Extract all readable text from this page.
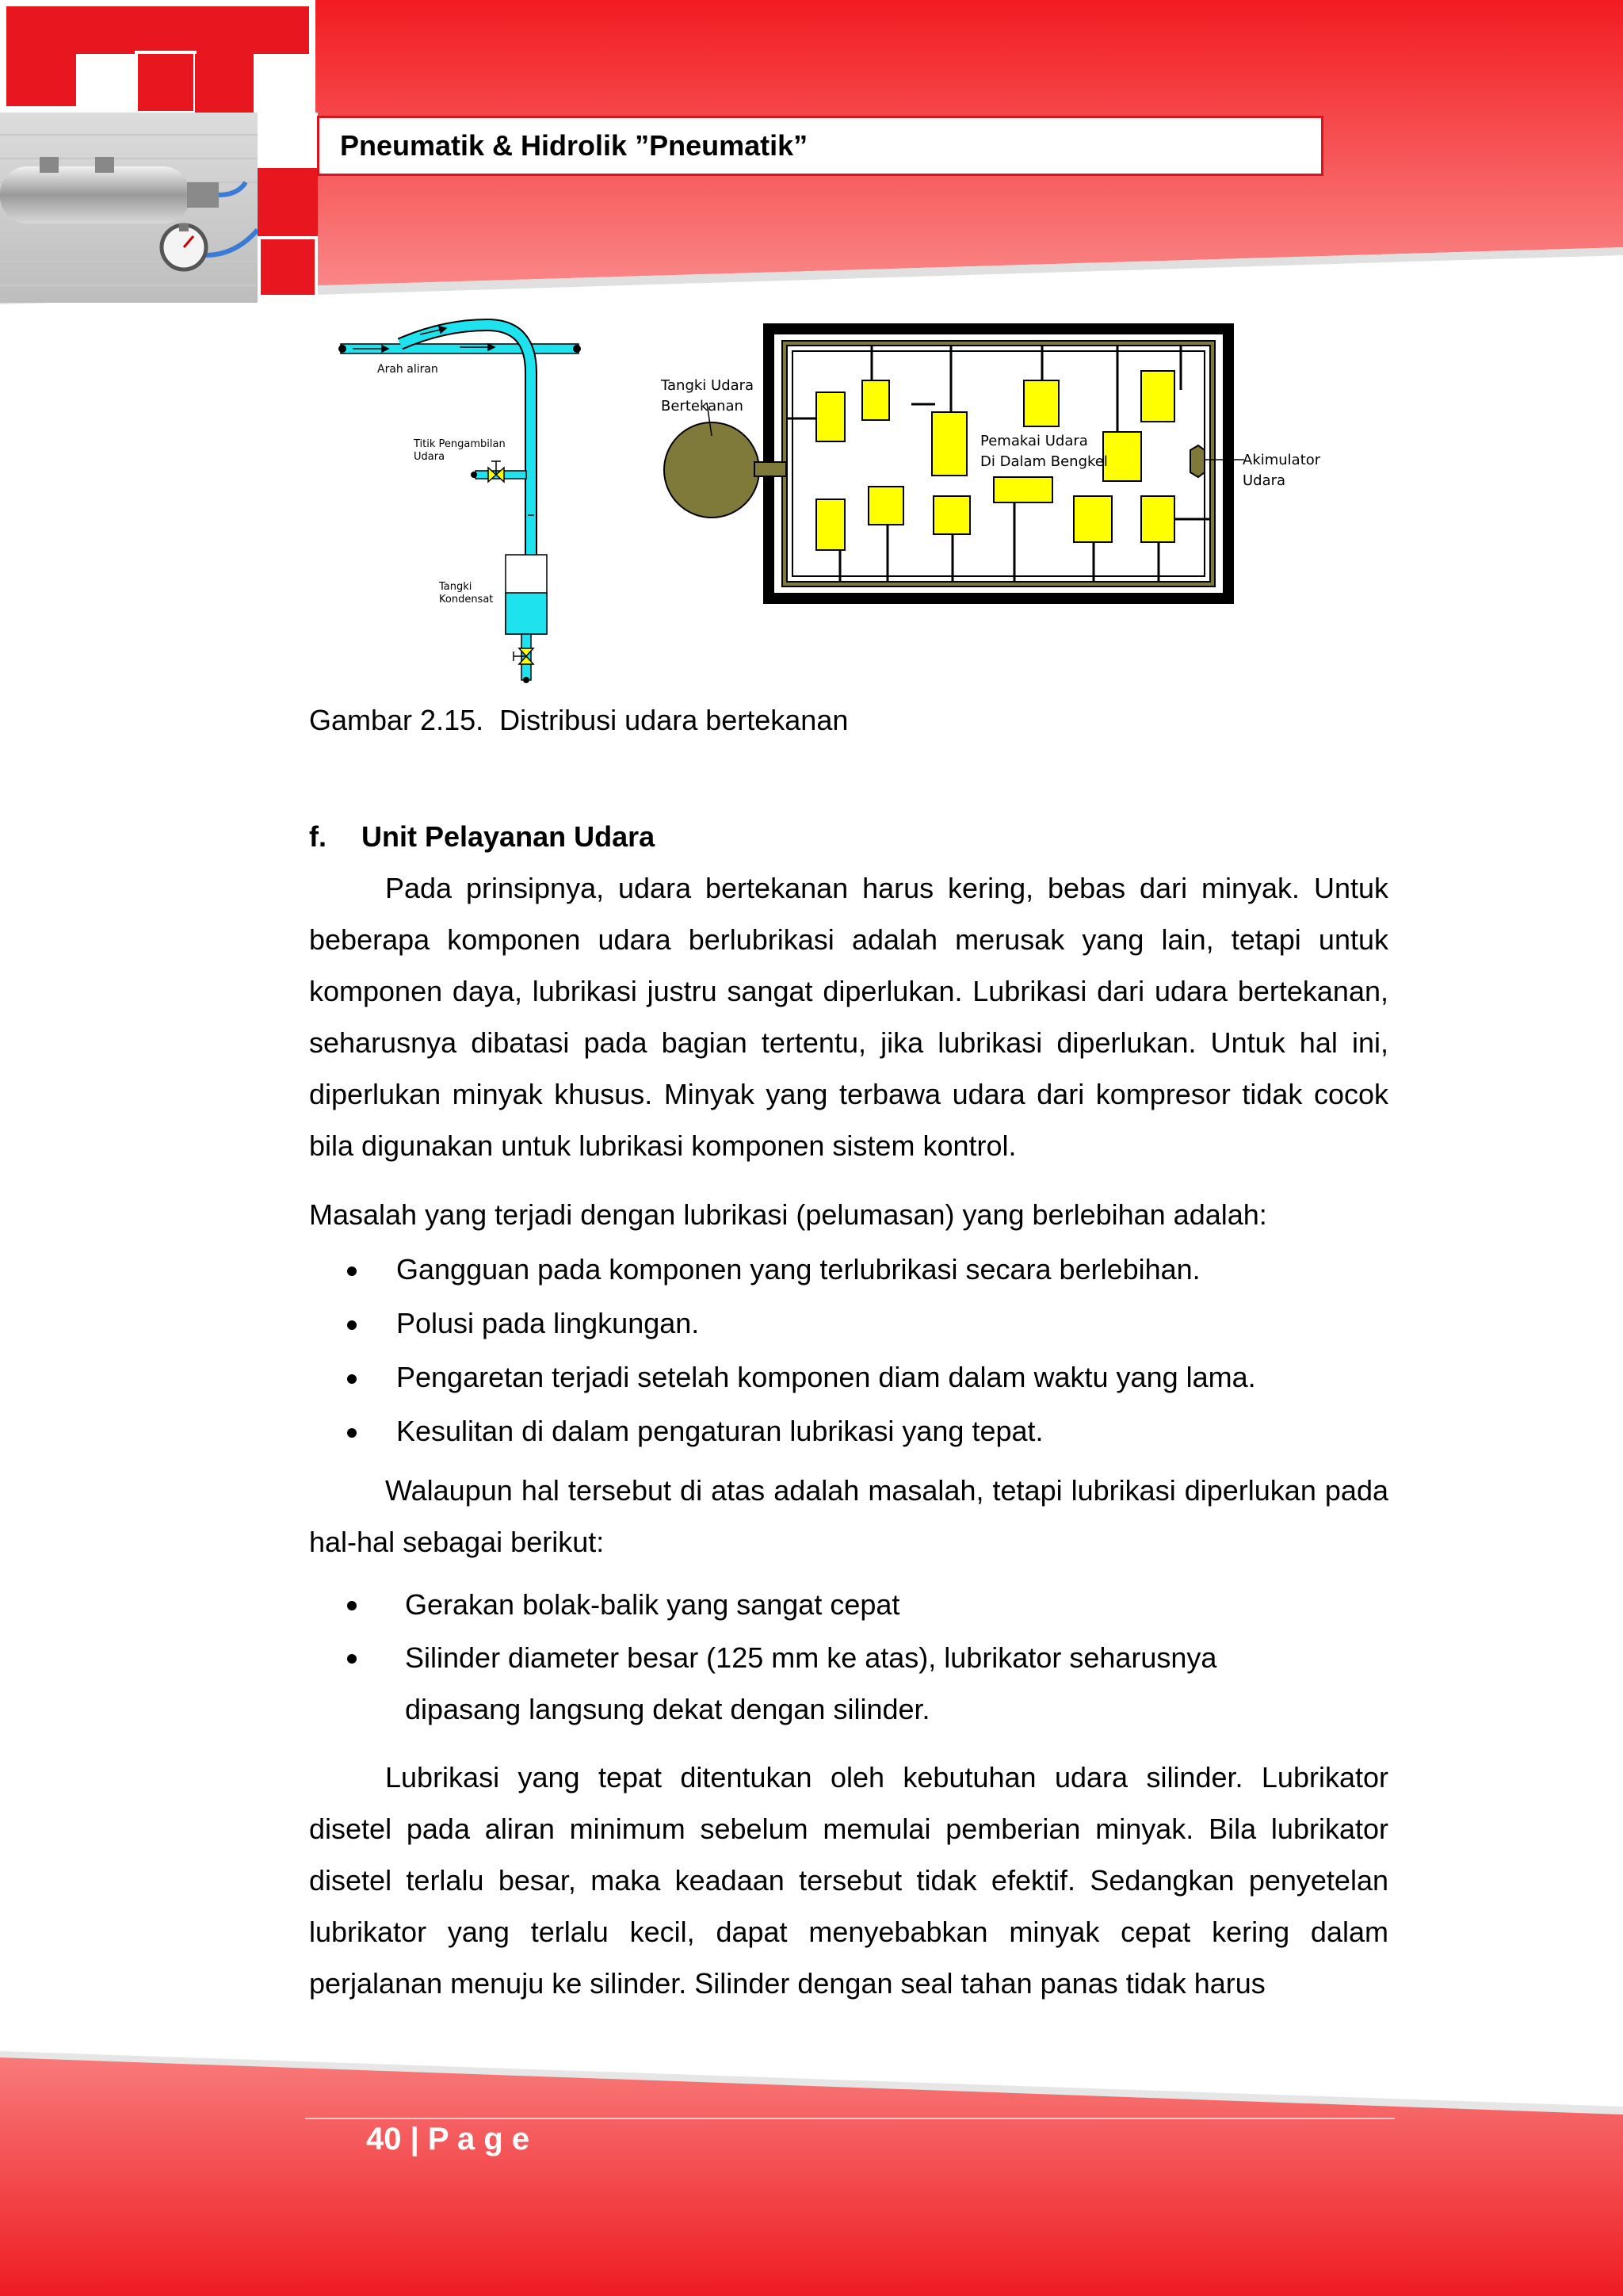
Pneumatik & Hidrolik ”Pneumatik”
Arah aliran
Titik Pengambilan
Udara
Tangki
Kondensat
Tangki Udara
Bertekanan
Pemakai Udara
Di Dalam Bengkel	Akimulator
Udara
Gambar 2.15.  Distribusi udara bertekanan
f. Unit Pelayanan Udara
Pada prinsipnya, udara bertekanan harus kering, bebas dari minyak. Untuk beberapa komponen udara berlubrikasi adalah merusak yang lain, tetapi untuk komponen daya, lubrikasi justru sangat diperlukan. Lubrikasi dari udara bertekanan, seharusnya dibatasi pada bagian tertentu, jika lubrikasi diperlukan. Untuk hal ini, diperlukan minyak khusus. Minyak yang terbawa udara dari kompresor tidak cocok bila digunakan untuk lubrikasi komponen sistem kontrol.
Masalah yang terjadi dengan lubrikasi (pelumasan) yang berlebihan adalah:
Gangguan pada komponen yang terlubrikasi secara berlebihan.
Polusi pada lingkungan.
Pengaretan terjadi setelah komponen diam dalam waktu yang lama.
Kesulitan di dalam pengaturan lubrikasi yang tepat.
Walaupun hal tersebut di atas adalah masalah, tetapi lubrikasi diperlukan pada hal-hal sebagai berikut:
Gerakan bolak-balik yang sangat cepat
Silinder diameter besar (125 mm ke atas), lubrikator seharusnya dipasang langsung dekat dengan silinder.
Lubrikasi yang tepat ditentukan oleh kebutuhan udara silinder. Lubrikator disetel pada aliran minimum sebelum memulai pemberian minyak. Bila lubrikator disetel terlalu besar, maka keadaan tersebut tidak efektif. Sedangkan penyetelan lubrikator yang terlalu kecil, dapat menyebabkan minyak cepat kering dalam perjalanan menuju ke silinder. Silinder dengan seal tahan panas tidak harus
40 | P a g e
